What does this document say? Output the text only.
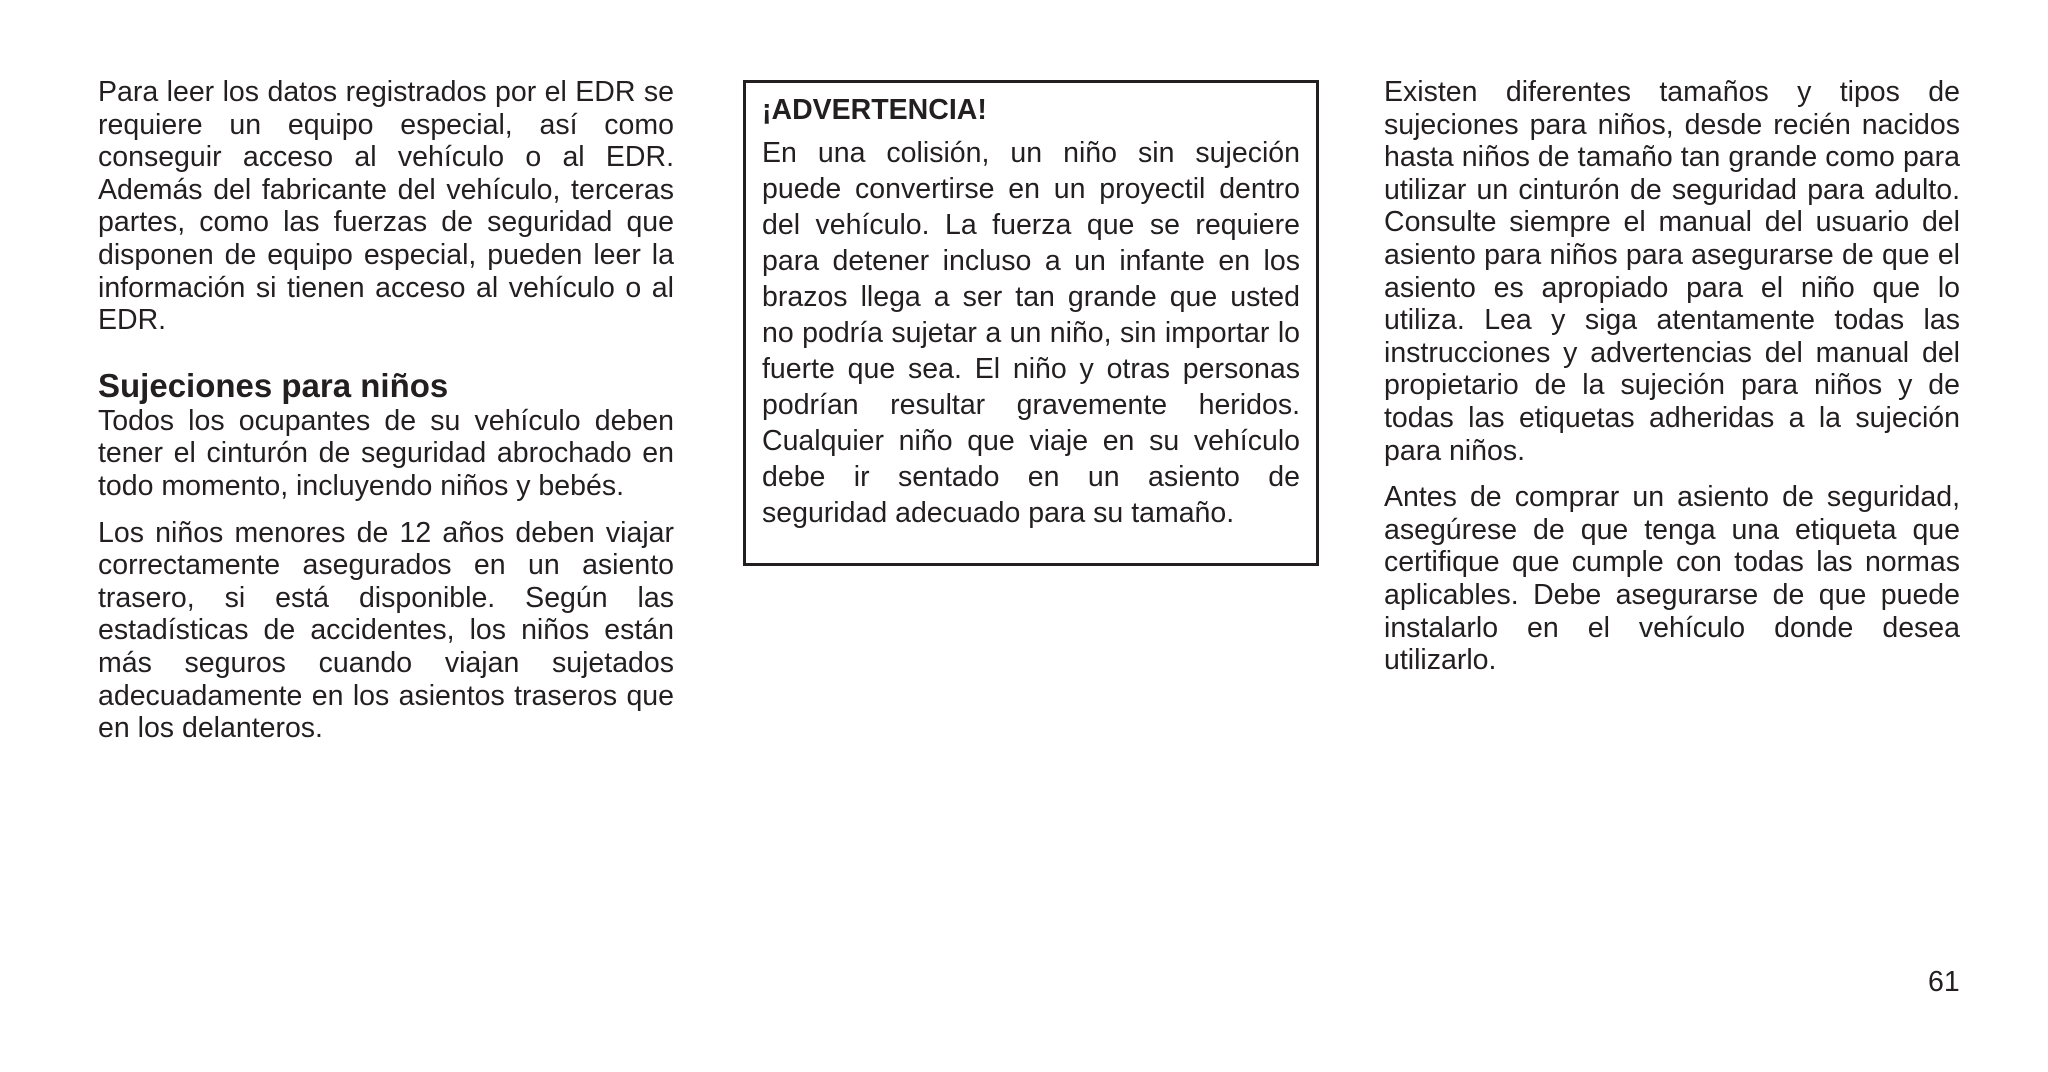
Para leer los datos registrados por el EDR se requiere un equipo especial, así como conseguir acceso al vehículo o al EDR. Además del fabricante del vehículo, terceras partes, como las fuerzas de seguridad que disponen de equipo especial, pueden leer la información si tienen acceso al vehículo o al EDR.

Sujeciones para niños

Todos los ocupantes de su vehículo deben tener el cinturón de seguridad abrochado en todo momento, incluyendo niños y bebés.

Los niños menores de 12 años deben viajar correctamente asegurados en un asiento trasero, si está disponible. Según las estadísticas de accidentes, los niños están más seguros cuando viajan sujetados adecuadamente en los asientos traseros que en los delanteros.

¡ADVERTENCIA!

En una colisión, un niño sin sujeción puede convertirse en un proyectil dentro del vehículo. La fuerza que se requiere para detener incluso a un infante en los brazos llega a ser tan grande que usted no podría sujetar a un niño, sin importar lo fuerte que sea. El niño y otras personas podrían resultar gravemente heridos. Cualquier niño que viaje en su vehículo debe ir sentado en un asiento de seguridad adecuado para su tamaño.

Existen diferentes tamaños y tipos de sujeciones para niños, desde recién nacidos hasta niños de tamaño tan grande como para utilizar un cinturón de seguridad para adulto. Consulte siempre el manual del usuario del asiento para niños para asegurarse de que el asiento es apropiado para el niño que lo utiliza. Lea y siga atentamente todas las instrucciones y advertencias del manual del propietario de la sujeción para niños y de todas las etiquetas adheridas a la sujeción para niños.

Antes de comprar un asiento de seguridad, asegúrese de que tenga una etiqueta que certifique que cumple con todas las normas aplicables. Debe asegurarse de que puede instalarlo en el vehículo donde desea utilizarlo.

61
